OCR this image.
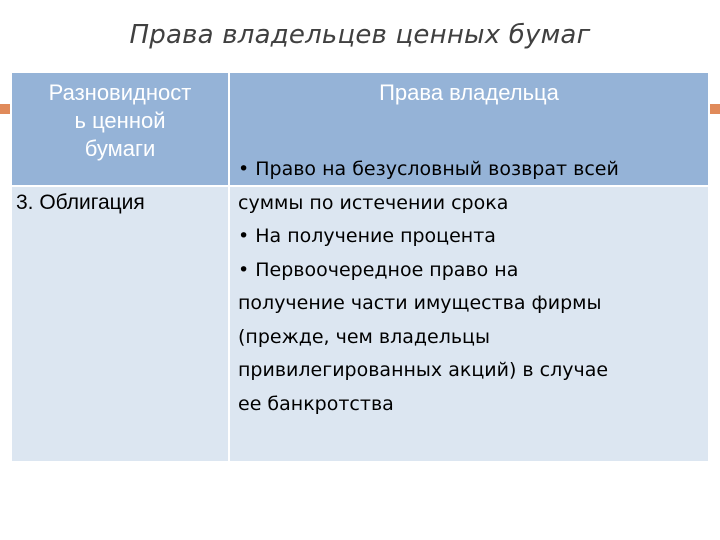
Права владельцев ценных бумаг
Разновидност
ь ценной
бумаги
Права владельца
3. Облигация
• Право на безусловный возврат всей
суммы по истечении срока
• На получение процента
• Первоочередное право на
получение части имущества фирмы
(прежде, чем владельцы
привилегированных акций) в случае
ее банкротства
